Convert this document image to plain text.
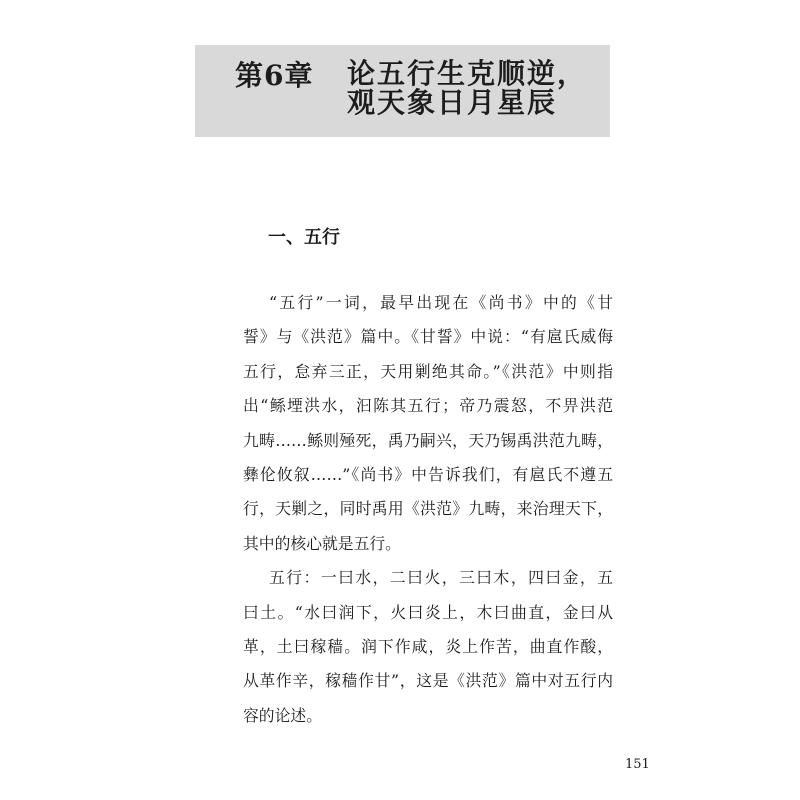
第6章 论五行生克顺逆，
观天象日月星辰
一、五行
“五行”一词，最早出现在《尚书》中的《甘
誓》与《洪范》篇中。《甘誓》中说：“有扈氏威侮
五行，怠弃三正，天用剿绝其命。”《洪范》中则指
出“鲧堙洪水，汩陈其五行；帝乃震怒，不畀洪范
九畴……鲧则殛死，禹乃嗣兴，天乃锡禹洪范九畴，
彝伦攸叙……”《尚书》中告诉我们，有扈氏不遵五
行，天剿之，同时禹用《洪范》九畴，来治理天下，
其中的核心就是五行。
五行：一曰水，二曰火，三曰木，四曰金，五
曰土。“水曰润下，火曰炎上，木曰曲直，金曰从
革，土曰稼穑。润下作咸，炎上作苦，曲直作酸，
从革作辛，稼穑作甘”，这是《洪范》篇中对五行内
容的论述。
151
